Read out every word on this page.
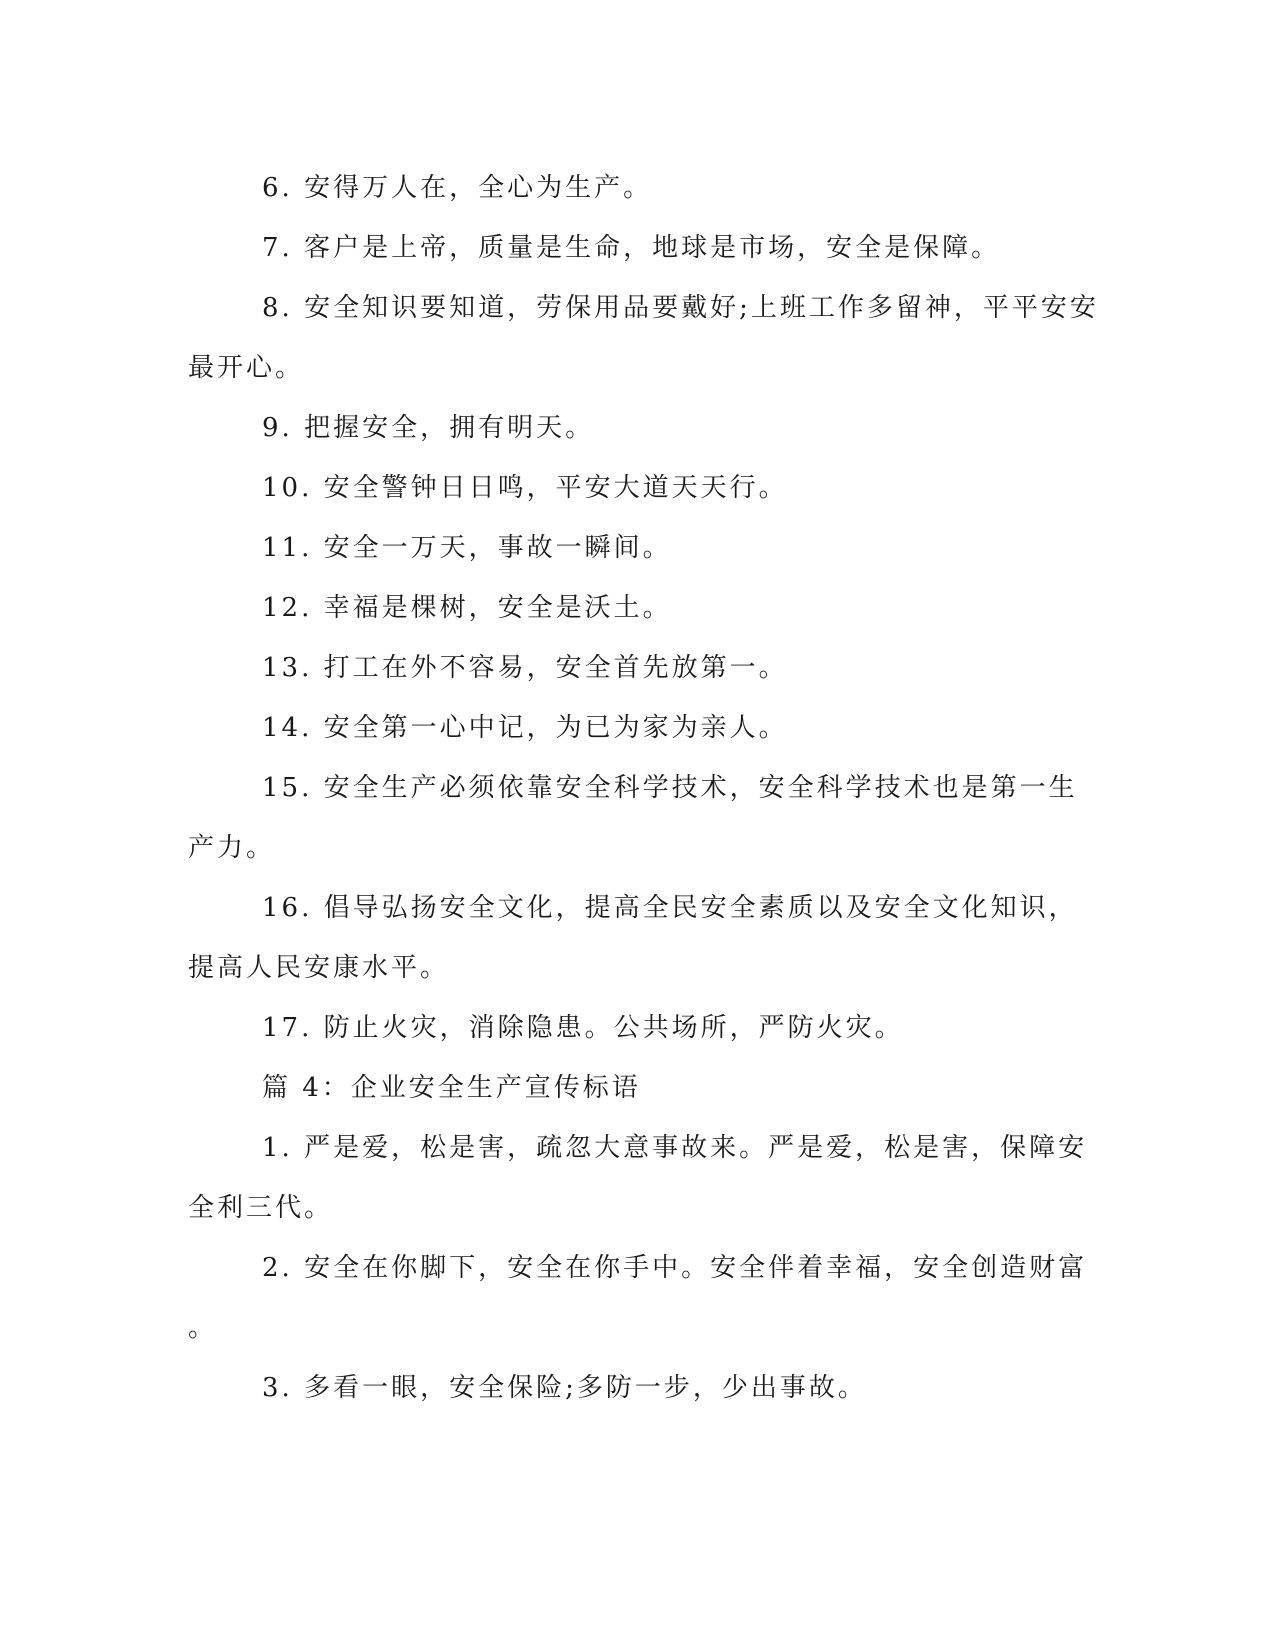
6. 安得万人在，全心为生产。

7. 客户是上帝，质量是生命，地球是市场，安全是保障。

8. 安全知识要知道，劳保用品要戴好;上班工作多留神，平平安安

最开心。

9. 把握安全，拥有明天。

10. 安全警钟日日鸣，平安大道天天行。

11. 安全一万天，事故一瞬间。

12. 幸福是棵树，安全是沃土。

13. 打工在外不容易，安全首先放第一。

14. 安全第一心中记，为已为家为亲人。

15. 安全生产必须依靠安全科学技术，安全科学技术也是第一生

产力。

16. 倡导弘扬安全文化，提高全民安全素质以及安全文化知识，

提高人民安康水平。

17. 防止火灾，消除隐患。公共场所，严防火灾。

篇 4：企业安全生产宣传标语

1. 严是爱，松是害，疏忽大意事故来。严是爱，松是害，保障安

全利三代。

2. 安全在你脚下，安全在你手中。安全伴着幸福，安全创造财富

。

3. 多看一眼，安全保险;多防一步，少出事故。
